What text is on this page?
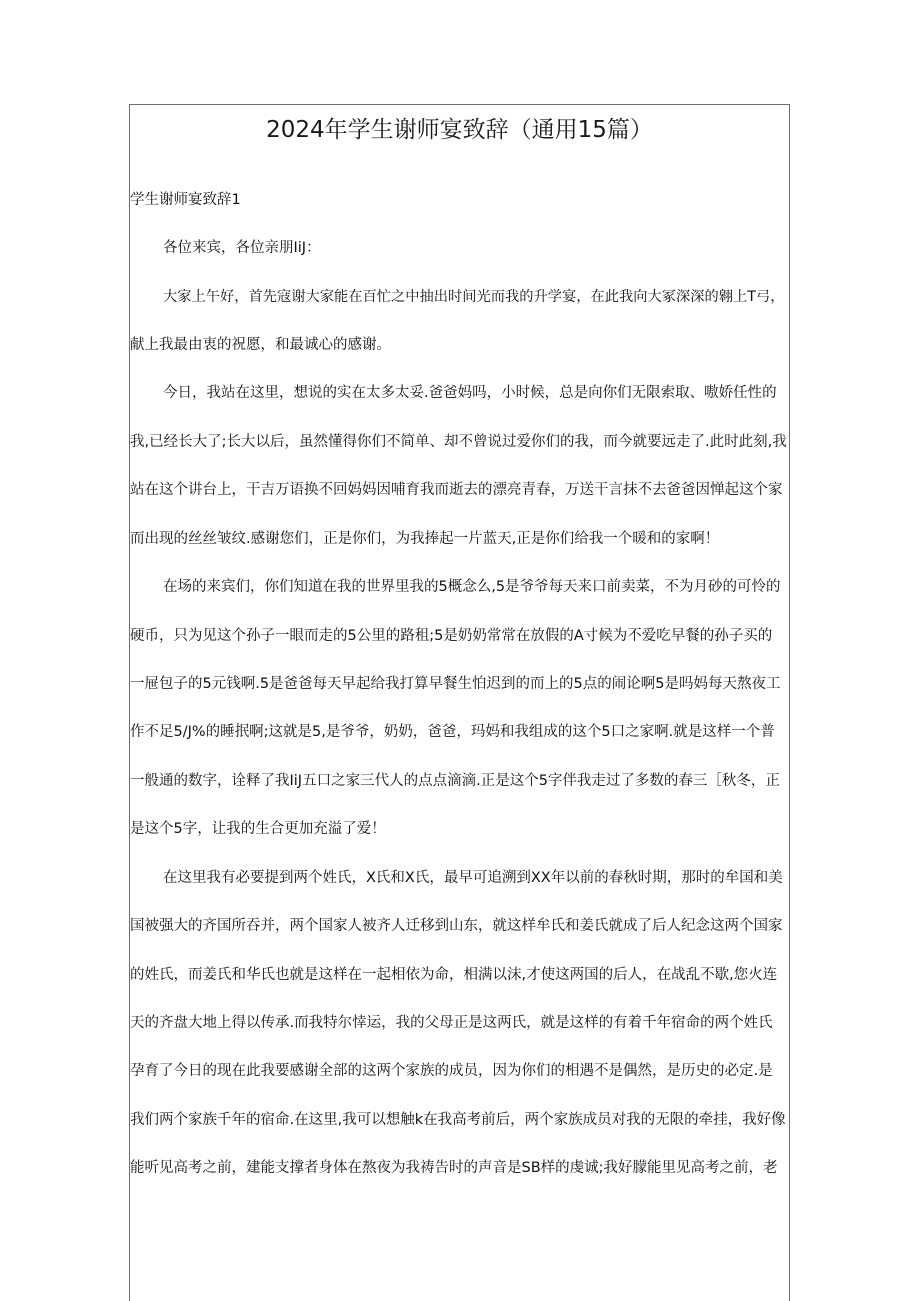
2024年学生谢师宴致辞（通用15篇）
学生谢师宴致辞1
各位来宾，各位亲朋IiJ：
大家上午好，首先寇谢大家能在百忙之中抽出时间光而我的升学宴，在此我向大冢深深的翱上T弓，
献上我最由衷的祝愿，和最诚心的感谢。
今日，我站在这里，想说的实在太多太妥.爸爸妈吗，小时候，总是向你们无限索取、嗷娇任性的
我,已经长大了;长大以后，虽然懂得你们不简单、却不曾说过爱你们的我，而今就要远走了.此时此刻,我
站在这个讲台上，干吉万语换不回妈妈因哺育我而逝去的漂亮青春，万送干言抹不去爸爸因惮起这个家
而出现的丝丝皱纹.感谢您们，正是你们，为我捧起一片蓝天,正是你们给我一个暖和的家啊！
在场的来宾们，你们知道在我的世界里我的5概念么,5是爷爷每天来口前卖菜，不为月砂的可怜的
硬币，只为见这个孙子一眼而走的5公里的路租;5是奶奶常常在放假的A寸候为不爱吃早餐的孙子买的
一屉包子的5元钱啊.5是爸爸每天早起给我打算早餐生怕迟到的而上的5点的闹论啊5是吗妈每天熬夜工
作不足5/J%的睡抿啊;这就是5,是爷爷，奶奶，爸爸，玛妈和我组成的这个5口之家啊.就是这样一个普
一般通的数字，诠释了我IiJ五口之家三代人的点点滴滴.正是这个5字伴我走过了多数的春三［秋冬，正
是这个5字，让我的生合更加充溢了爱！
在这里我有必要提到两个姓氏，X氏和X氏，最早可追溯到XX年以前的春秋时期，那时的牟国和美
国被强大的齐国所吞并，两个国家人被齐人迁移到山东，就这样牟氏和姜氏就成了后人纪念这两个国家
的姓氏，而姜氏和华氏也就是这样在一起相依为命，相满以沫,才使这两国的后人，在战乱不歇,您火连
天的齐盘大地上得以传承.而我特尔悻运，我的父母正是这两氏，就是这样的有着千年宿命的两个姓氏
孕育了今日的现在此我要感谢全部的这两个家族的成员，因为你们的相遇不是偶然，是历史的必定.是
我们两个家族千年的宿命.在这里,我可以想触k在我高考前后，两个家族成员对我的无限的牵挂，我好像
能听见高考之前，建能支撑者身体在熬夜为我祷告时的声音是SB样的虔诚;我好朦能里见高考之前，老
